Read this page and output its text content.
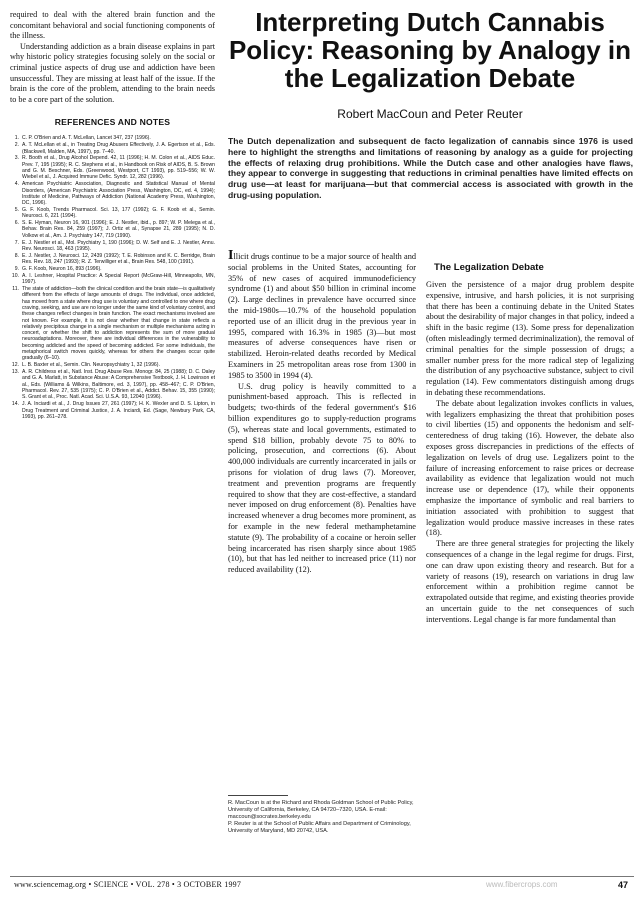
required to deal with the altered brain function and the concomitant behavioral and social functioning components of the illness.

Understanding addiction as a brain disease explains in part why historic policy strategies focusing solely on the social or criminal justice aspects of drug use and addiction have been unsuccessful. They are missing at least half of the issue. If the brain is the core of the problem, attending to the brain needs to be a core part of the solution.

REFERENCES AND NOTES
1. C. P. O'Brien and A. T. McLellan, Lancet 347, 237 (1996).
2. A. T. McLellan et al., in Treating Drug Abusers Effectively, J. A. Egertson et al., Eds. (Blackwell, Malden, MA, 1997), pp. 7–40.
3. R. Booth et al., Drug Alcohol Depend. 42, 11 (1996); H. M. Colon et al., AIDS Educ. Prev. 7, 195 (1995); R. C. Stephens et al., in Handbook on Risk of AIDS, B. S. Brown and G. M. Beschner, Eds. (Greenwood, Westport, CT 1993), pp. 519–556; W. W. Wiebel et al., J. Acquired Immune Defic. Syndr. 12, 282 (1996).
4. American Psychiatric Association, Diagnostic and Statistical Manual of Mental Disorders, (American Psychiatric Association Press, Washington, DC, ed. 4, 1994); Institute of Medicine, Pathways of Addiction (National Academy Press, Washington, DC, 1996).
5. G. F. Koob, Trends Pharmacol. Sci. 13, 177 (1992); G. F. Koob et al., Semin. Neurosci. 6, 221 (1994).
6. S. E. Hyman, Neuron 16, 901 (1996); E. J. Nestler, ibid., p. 897; W. P. Melega et al., Behav. Brain Res. 84, 259 (1997); J. Ortiz et al., Synapse 21, 289 (1995); N. D. Volkow et al., Am. J. Psychiatry 147, 719 (1990).
7. E. J. Nestler et al., Mol. Psychiatry 1, 190 (1996); D. W. Self and E. J. Nestler, Annu. Rev. Neurosci. 18, 463 (1995).
8. E. J. Nestler, J. Neurosci. 12, 2439 (1992); T. E. Robinson and K. C. Berridge, Brain Res. Rev. 18, 247 (1993); R. Z. Terwilliger et al., Brain Res. 548, 100 (1991).
9. G. F. Koob, Neuron 16, 893 (1996).
10. A. I. Leshner, Hospital Practice: A Special Report (McGraw-Hill, Minneapolis, MN, 1997).
11. The state of addiction—both the clinical condition and the brain state—is qualitatively different from the effects of large amounts of drugs. The individual, once addicted, has moved from a state where drug use is voluntary and controlled to one where drug craving, seeking, and use are no longer under the same kind of voluntary control, and these changes reflect changes in brain function. The exact mechanisms involved are not known. For example, it is not clear whether that change in state reflects a relatively precipitous change in a single mechanism or multiple mechanisms acting in concert, or whether the shift to addiction represents the sum of more gradual neuroadaptations. Moreover, there are individual differences in the vulnerability to becoming addicted and the speed of becoming addicted. For some individuals, the metaphorical switch moves quickly, whereas for others the changes occur quite gradually (6–10).
12. L. B. Baxter et al., Semin. Clin. Neuropsychiatry 1, 32 (1996).
13. A. R. Childress et al., Natl. Inst. Drug Abuse Res. Monogr. 84, 25 (1988); D. C. Daley and G. A. Marlatt, in Substance Abuse: A Comprehensive Textbook, J. H. Lowinson et al., Eds. (Williams & Wilkins, Baltimore, ed. 3, 1997), pp. 458–467; C. P. O'Brien, Pharmacol. Rev. 27, 535 (1975); C. P. O'Brien et al., Addict. Behav. 15, 355 (1990); S. Grant et al., Proc. Natl. Acad. Sci. U.S.A. 93, 12040 (1996).
14. J. A. Inciardi et al., J. Drug Issues 27, 261 (1997); H. K. Wexler and D. S. Lipton, in Drug Treatment and Criminal Justice, J. A. Inciardi, Ed. (Sage, Newbury Park, CA, 1993), pp. 261–278.
Interpreting Dutch Cannabis Policy: Reasoning by Analogy in the Legalization Debate
Robert MacCoun and Peter Reuter
The Dutch depenalization and subsequent de facto legalization of cannabis since 1976 is used here to highlight the strengths and limitations of reasoning by analogy as a guide for projecting the effects of relaxing drug prohibitions. While the Dutch case and other analogies have flaws, they appear to converge in suggesting that reductions in criminal penalties have limited effects on drug use—at least for marijuana—but that commercial access is associated with growth in the drug-using population.

Illicit drugs continue to be a major source of health and social problems in the United States, accounting for 35% of new cases of acquired immunodeficiency syndrome (1) and about $50 billion in criminal income (2). Large declines in prevalence have occurred since the mid-1980s—10.7% of the household population reported use of an illicit drug in the previous year in 1995, compared with 16.3% in 1985 (3)—but most measures of adverse consequences have risen or stabilized. Heroin-related deaths recorded by Medical Examiners in 25 metropolitan areas rose from 1300 in 1985 to 3500 in 1994 (4).

U.S. drug policy is heavily committed to a punishment-based approach. This is reflected in budgets; two-thirds of the federal government's $16 billion expenditures go to supply-reduction programs (5), whereas state and local governments, estimated to spend $18 billion, probably devote 75 to 80% to policing, prosecution, and corrections (6). About 400,000 individuals are currently incarcerated in jails or prisons for violation of drug laws (7). Moreover, treatment and prevention programs are frequently required to show that they are cost-effective, a standard never imposed on drug enforcement (8). Penalties have increased whenever a drug becomes more prominent, as for example in the new federal methamphetamine statute (9). The probability of a cocaine or heroin seller being incarcerated has risen sharply since about 1985 (10), but that has led neither to increased price (11) nor reduced availability (12).

R. MacCoun is at the Richard and Rhoda Goldman School of Public Policy, University of California, Berkeley, CA 94720–7320, USA. E-mail: maccoun@socrates.berkeley.edu
P. Reuter is at the School of Public Affairs and Department of Criminology, University of Maryland, MD 20742, USA.
The Legalization Debate

Given the persistence of a major drug problem despite expensive, intrusive, and harsh policies, it is not surprising that there has been a continuing debate in the United States about the desirability of major changes in that policy, indeed a shift in the basic regime (13). Some press for depenalization (often misleadingly termed decriminalization), the removal of criminal penalties for the simple possession of drugs; a smaller number press for the more radical step of legalizing the distribution of any psychoactive substance, subject to civil regulation (14). Few commentators distinguish among drugs in debating these recommendations.

The debate about legalization invokes conflicts in values, with legalizers emphasizing the threat that prohibition poses to civil liberties (15) and opponents the hedonism and self-centeredness of drug taking (16). However, the debate also exposes gross discrepancies in predictions of the effects of legalization on levels of drug use. Legalizers point to the failure of increasing enforcement to raise prices or decrease availability as evidence that legalization would not much increase use or dependence (17), while their opponents emphasize the importance of symbolic and real barriers to initiation associated with prohibition to suggest that legalization would produce massive increases in these rates (18).

There are three general strategies for projecting the likely consequences of a change in the legal regime for drugs. First, one can draw upon existing theory and research. But for a variety of reasons (19), research on variations in drug law enforcement within a prohibition regime cannot be extrapolated outside that regime, and existing theories provide an uncertain guide to the net consequences of such interventions. Legal change is far more fundamental than

www.sciencemag.org • SCIENCE • VOL. 278 • 3 OCTOBER 1997	www.fibercrops.com	47
